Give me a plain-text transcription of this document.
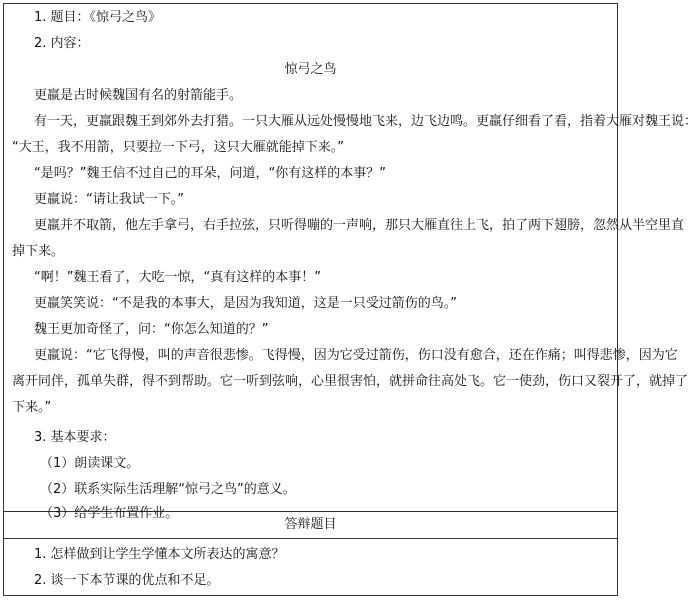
1. 题目：《惊弓之鸟》
2. 内容：
惊弓之鸟
更羸是古时候魏国有名的射箭能手。
有一天，更羸跟魏王到郊外去打猎。一只大雁从远处慢慢地飞来，边飞边鸣。更羸仔细看了看，指着大雁对魏王说：
“大王，我不用箭，只要拉一下弓，这只大雁就能掉下来。”
“是吗？”魏王信不过自己的耳朵，问道，“你有这样的本事？”
更羸说：“请让我试一下。”
更羸并不取箭，他左手拿弓，右手拉弦，只听得嘣的一声响，那只大雁直往上飞，拍了两下翅膀，忽然从半空里直
掉下来。
“啊！”魏王看了，大吃一惊，“真有这样的本事！”
更羸笑笑说：“不是我的本事大，是因为我知道，这是一只受过箭伤的鸟。”
魏王更加奇怪了，问：“你怎么知道的？”
更羸说：“它飞得慢，叫的声音很悲惨。飞得慢，因为它受过箭伤，伤口没有愈合，还在作痛；叫得悲惨，因为它
离开同伴，孤单失群，得不到帮助。它一听到弦响，心里很害怕，就拼命往高处飞。它一使劲，伤口又裂开了，就掉了
下来。”
3. 基本要求：
（1）朗读课文。
（2）联系实际生活理解“惊弓之鸟”的意义。
（3）给学生布置作业。
答辩题目
1. 怎样做到让学生学懂本文所表达的寓意？
2. 谈一下本节课的优点和不足。
